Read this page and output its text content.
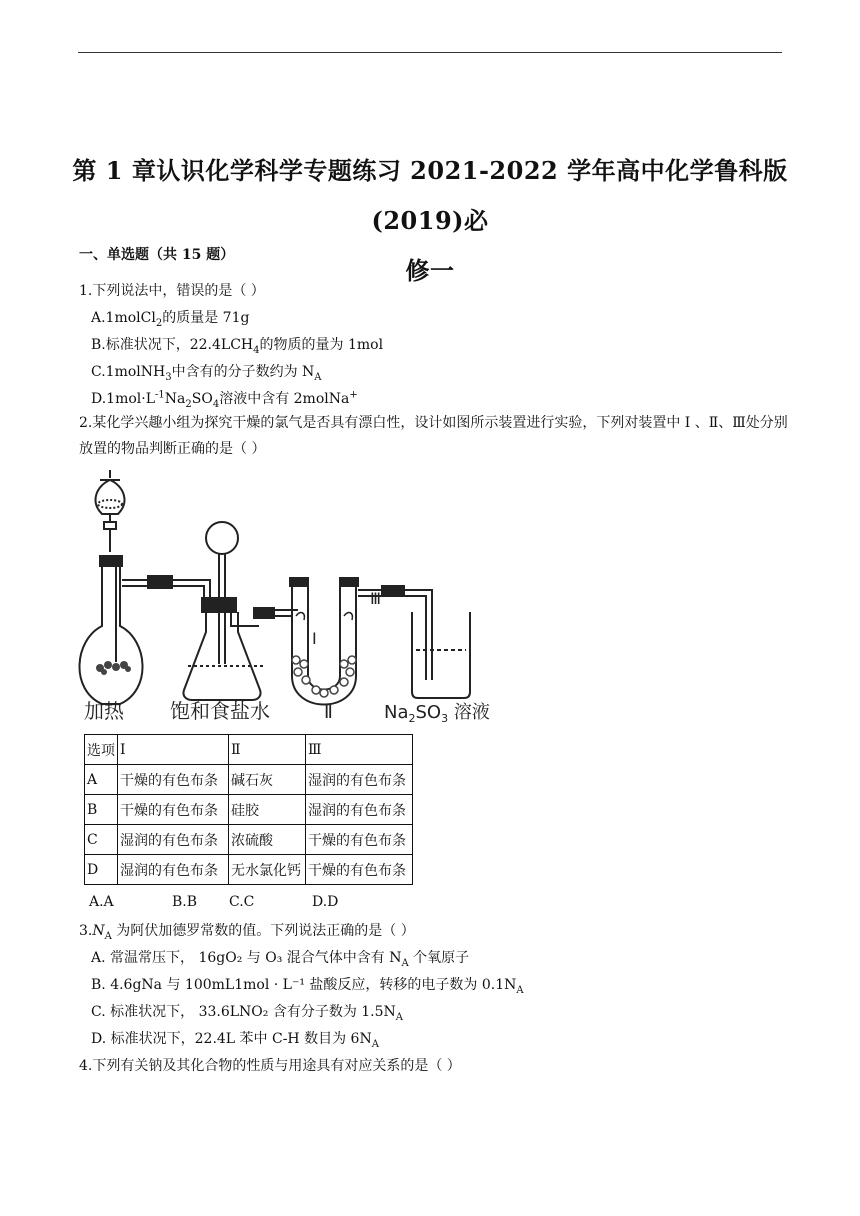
第 1 章认识化学科学专题练习 2021-2022 学年高中化学鲁科版(2019)必
修一
一、单选题（共 15 题）
1.下列说法中，错误的是（ ）
A.1molCl$_2$的质量是 71g
B.标准状况下，$22.4LCH_4$的物质的量为 1mol
C.1molNH$_3$中含有的分子数约为 $N_A$
$D.1mol\cdot L^{-1}Na_2SO_4$溶液中含有 2molNa+
2.某化学兴趣小组为探究干燥的氯气是否具有漂白性，设计如图所示装置进行实验，下列对装置中 Ⅰ 、Ⅱ、Ⅲ处分别放置的物品判断正确的是（ ）
加热 饱和食盐水	Ⅱ
Ⅰ
Ⅲ
$Na_2SO_3$ 溶液
选项	Ⅰ	Ⅱ	Ⅲ
A	干燥的有色布条	碱石灰	湿润的有色布条
B	干燥的有色布条	硅胶	湿润的有色布条
C	湿润的有色布条	浓硫酸	干燥的有色布条
D	湿润的有色布条	无水氯化钙	干燥的有色布条
A.A	B.B C.C	D.D
$3.N_A$ 为阿伏加德罗常数的值。下列说法正确的是（ ）
A. 常温常压下， 16gO₂ 与 O₃ 混合气体中含有 $N_A$ 个氧原子
B. 4.6gNa 与 100mL1mol · L⁻¹ 盐酸反应，转移的电子数为 $0.1N_A$
C. 标准状况下， 33.6LNO₂ 含有分子数为 $1.5N_A$
D. 标准状况下，22.4L 苯中 C-H 数目为 $6N_A$
4.下列有关钠及其化合物的性质与用途具有对应关系的是（ ）
